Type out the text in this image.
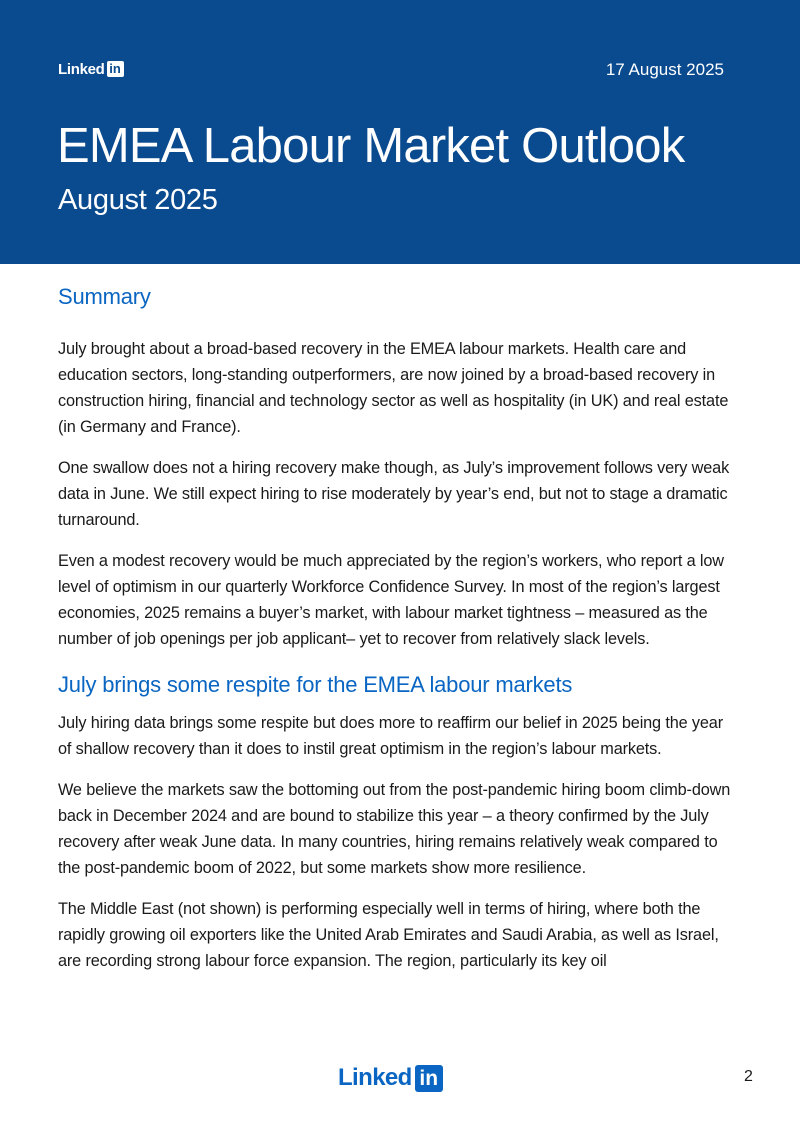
Linked in	17 August 2025
EMEA Labour Market Outlook
August 2025
Summary

July brought about a broad-based recovery in the EMEA labour markets. Health care and education sectors, long-standing outperformers, are now joined by a broad-based recovery in construction hiring, financial and technology sector as well as hospitality (in UK) and real estate (in Germany and France).

One swallow does not a hiring recovery make though, as July’s improvement follows very weak data in June. We still expect hiring to rise moderately by year’s end, but not to stage a dramatic turnaround.

Even a modest recovery would be much appreciated by the region’s workers, who report a low level of optimism in our quarterly Workforce Confidence Survey. In most of the region’s largest economies, 2025 remains a buyer’s market, with labour market tightness – measured as the number of job openings per job applicant– yet to recover from relatively slack levels.

July brings some respite for the EMEA labour markets

July hiring data brings some respite but does more to reaffirm our belief in 2025 being the year of shallow recovery than it does to instil great optimism in the region’s labour markets.

We believe the markets saw the bottoming out from the post-pandemic hiring boom climb-down back in December 2024 and are bound to stabilize this year – a theory confirmed by the July recovery after weak June data. In many countries, hiring remains relatively weak compared to the post-pandemic boom of 2022, but some markets show more resilience.

The Middle East (not shown) is performing especially well in terms of hiring, where both the rapidly growing oil exporters like the United Arab Emirates and Saudi Arabia, as well as Israel, are recording strong labour force expansion. The region, particularly its key oil

Linked in	2
